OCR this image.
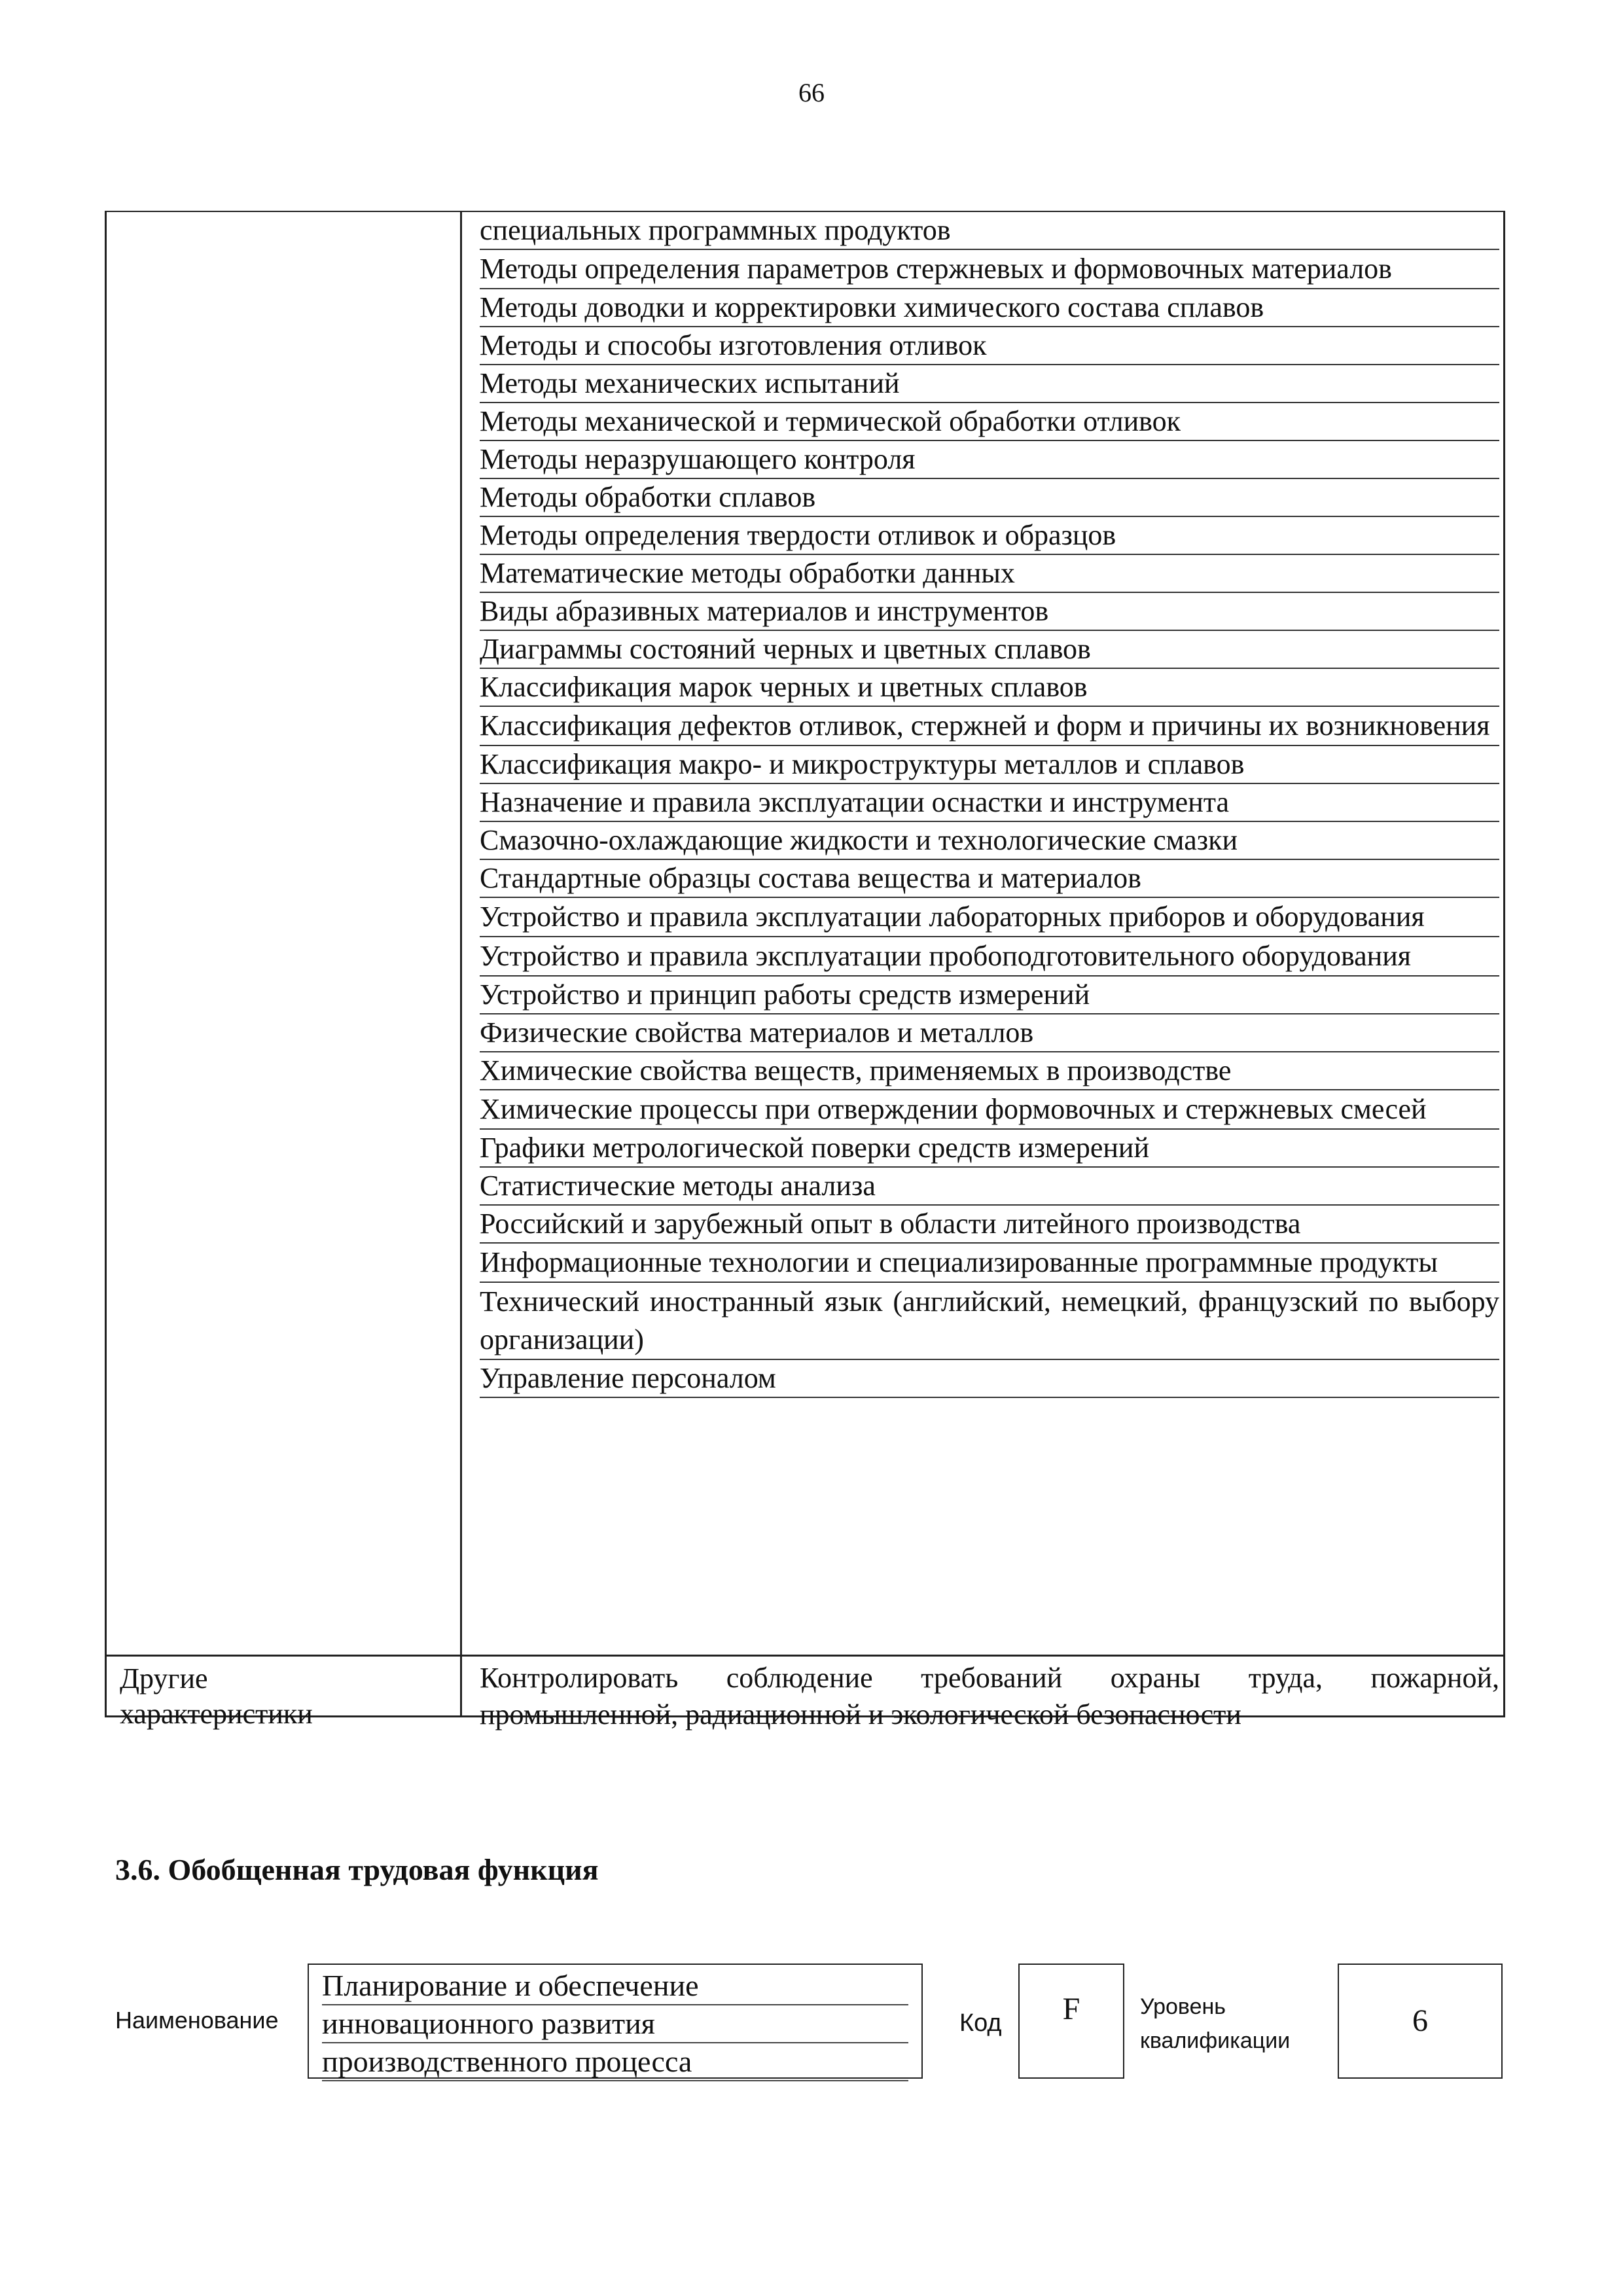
66
специальных программных продуктов
Методы определения параметров стержневых и формовочных материалов
Методы доводки и корректировки химического состава сплавов
Методы и способы изготовления отливок
Методы механических испытаний
Методы механической и термической обработки отливок
Методы неразрушающего контроля
Методы обработки сплавов
Методы определения твердости отливок и образцов
Математические методы обработки данных
Виды абразивных материалов и инструментов
Диаграммы состояний черных и цветных сплавов
Классификация марок черных и цветных сплавов
Классификация дефектов отливок, стержней и форм и причины их возникновения
Классификация макро- и микроструктуры металлов и сплавов
Назначение и правила эксплуатации оснастки и инструмента
Смазочно-охлаждающие жидкости и технологические смазки
Стандартные образцы состава вещества и материалов
Устройство и правила эксплуатации лабораторных приборов и оборудования
Устройство и правила эксплуатации пробоподготовительного оборудования
Устройство и принцип работы средств измерений
Физические свойства материалов и металлов
Химические свойства веществ, применяемых в производстве
Химические процессы при отверждении формовочных и стержневых смесей
Графики метрологической поверки средств измерений
Статистические методы анализа
Российский и зарубежный опыт в области литейного производства
Информационные технологии и специализированные программные продукты
Технический иностранный язык (английский, немецкий, французский по выбору организации)
Управление персоналом
Другие
характеристики
Контролировать соблюдение требований охраны труда, пожарной, промышленной, радиационной и экологической безопасности
3.6. Обобщенная трудовая функция
Наименование
Планирование и обеспечение
инновационного развития
производственного процесса
Код	F	Уровень
квалификации
6
